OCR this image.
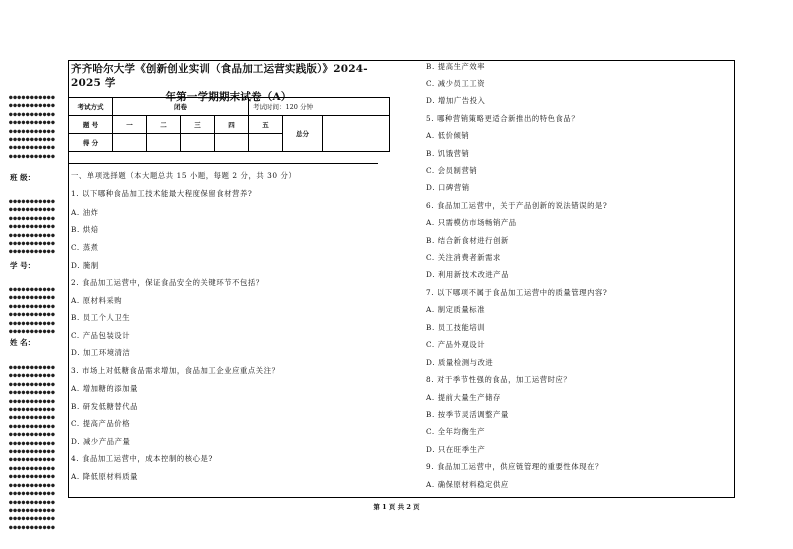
●●●●●●●●●●●
●●●●●●●●●●●
●●●●●●●●●●●
●●●●●●●●●●●
●●●●●●●●●●●
●●●●●●●●●●●
●●●●●●●●●●●
●●●●●●●●●●●
班 级：
●●●●●●●●●●●
●●●●●●●●●●●
●●●●●●●●●●●
●●●●●●●●●●●
●●●●●●●●●●●
●●●●●●●●●●●
●●●●●●●●●●●
学 号：
●●●●●●●●●●●
●●●●●●●●●●●
●●●●●●●●●●●
●●●●●●●●●●●
●●●●●●●●●●●
●●●●●●●●●●●
姓 名：
●●●●●●●●●●●
●●●●●●●●●●●
●●●●●●●●●●●
●●●●●●●●●●●
●●●●●●●●●●●
●●●●●●●●●●●
●●●●●●●●●●●
●●●●●●●●●●●
●●●●●●●●●●●
●●●●●●●●●●●
●●●●●●●●●●●
●●●●●●●●●●●
●●●●●●●●●●●
●●●●●●●●●●●
●●●●●●●●●●●
●●●●●●●●●●●
●●●●●●●●●●●
●●●●●●●●●●●
●●●●●●●●●●●
●●●●●●●●●●●
齐齐哈尔大学《创新创业实训（食品加工运营实践版）》2024-2025 学
年第一学期期末试卷（A）
考试方式	闭卷				考试时间：120 分钟		
题 号	一	二	三	四	五	总分	
得 分							
一、单项选择题（本大题总共 15 小题，每题 2 分，共 30 分）
1. 以下哪种食品加工技术能最大程度保留食材营养?
A. 油炸
B. 烘焙
C. 蒸煮
D. 腌制
2. 食品加工运营中，保证食品安全的关键环节不包括？
A. 原材料采购
B. 员工个人卫生
C. 产品包装设计
D. 加工环境清洁
3. 市场上对低糖食品需求增加，食品加工企业应重点关注？
A. 增加糖的添加量
B. 研发低糖替代品
C. 提高产品价格
D. 减少产品产量
4. 食品加工运营中，成本控制的核心是?
A. 降低原材料质量
B. 提高生产效率
C. 减少员工工资
D. 增加广告投入
5. 哪种营销策略更适合新推出的特色食品？
A. 低价倾销
B. 饥饿营销
C. 会员制营销
D. 口碑营销
6. 食品加工运营中，关于产品创新的说法错误的是?
A. 只需模仿市场畅销产品
B. 结合新食材进行创新
C. 关注消费者新需求
D. 利用新技术改进产品
7. 以下哪项不属于食品加工运营中的质量管理内容?
A. 制定质量标准
B. 员工技能培训
C. 产品外观设计
D. 质量检测与改进
8. 对于季节性强的食品，加工运营时应？
A. 提前大量生产储存
B. 按季节灵活调整产量
C. 全年均衡生产
D. 只在旺季生产
9. 食品加工运营中，供应链管理的重要性体现在？
A. 确保原材料稳定供应
第 1 页 共 2 页
